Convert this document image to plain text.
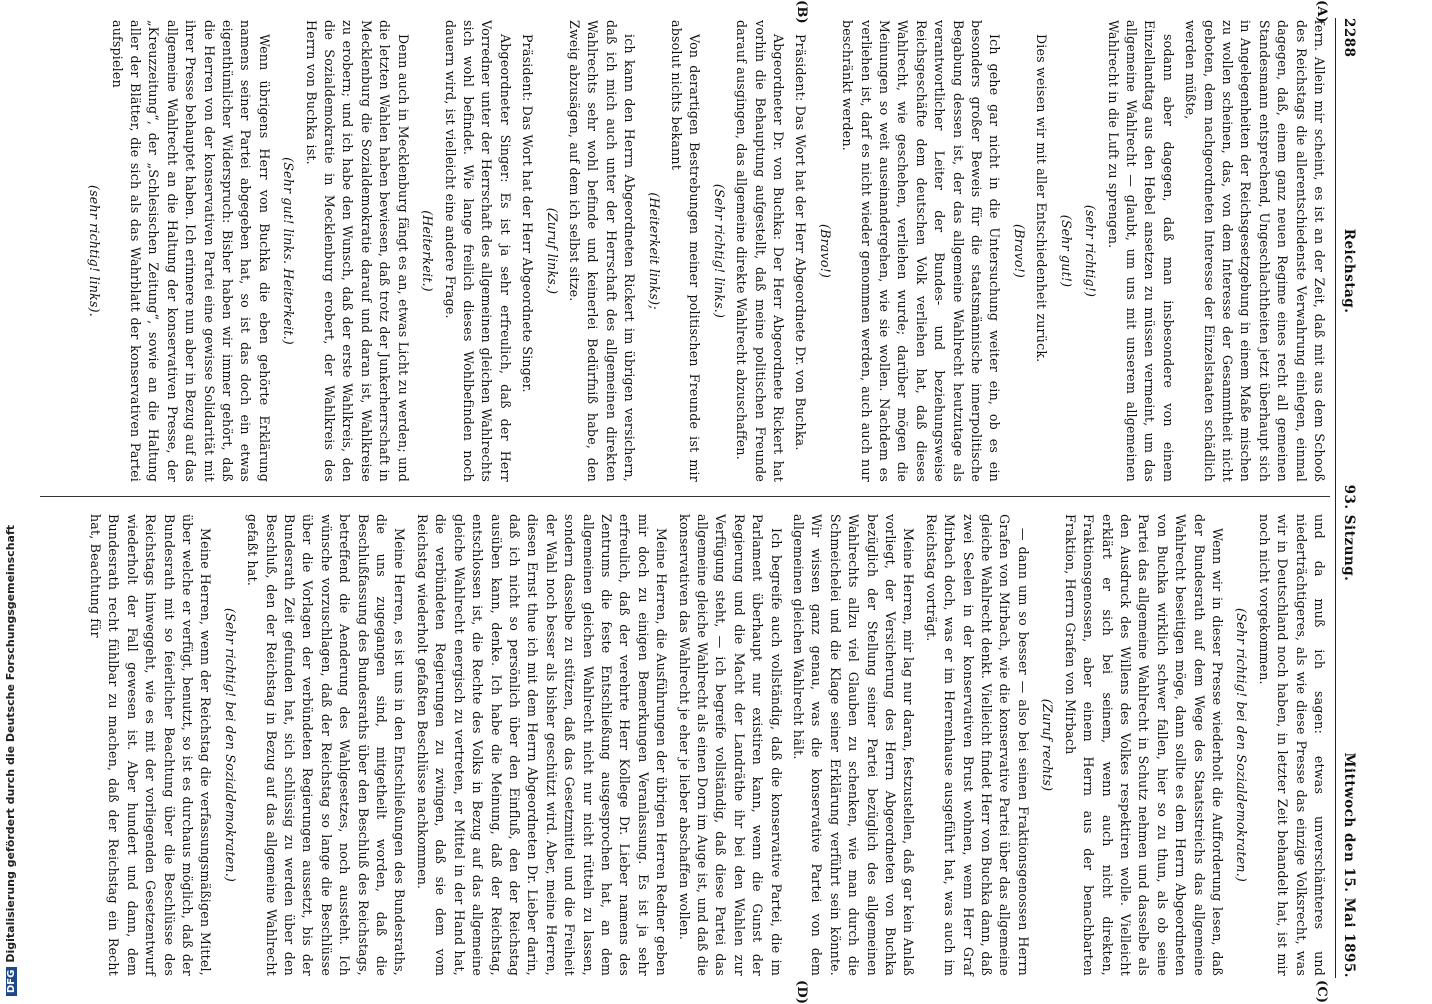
DFGDigitalisierung gefördert durch die Deutsche Forschungsgemeinschaft
2288
Reichstag.
93. Sitzung.
Mittwoch den 15. Mai 1895.
(A)
(B)
(C)
(D)

fern. Allein mir scheint, es ist an der Zeit, daß mit aus dem Schooß des Reichstags die allerentschiedenste Verwahrung einlegen, einmal dagegen, daß, einem ganz neuen Regime eines recht all gemeinen Standesmann entsprechend, Ungeschlachtheiten jetzt überhaupt sich in Angelegenheiten der Reichsgesetzgebung in einem Maße mischen zu wollen scheinen, das, von dem Interesse der Gesammtheit nicht geboten, dem nachgeordneten Interesse der Einzelstaaten schädlich werden müßte,

sodann aber dagegen, daß man insbesondere von einem Einzellandtag aus den Hebel ansetzen zu müssen vermeint, um das allgemeine Wahlrecht — glaubt, um uns mit unserem allgemeinen Wahlrecht in die Luft zu sprengen.

(sehr richtig!)

(Sehr gut!)

Dies weisen wir mit aller Entschiedenheit zurück.

(Bravo!)

Ich gehe gar nicht in die Untersuchung weiter ein, ob es ein besonders großer Beweis für die staatsmännische innerpolitische Begabung dessen ist, der das allgemeine Wahlrecht heutzutage als verantwortlicher Leiter der Bundes- und beziehungsweise Reichsgeschäfte dem deutschen Volk verliehen hat, daß dieses Wahlrecht, wie geschehen, verliehen wurde; darüber mögen die Meinungen so weit auseinandergehen, wie sie wollen. Nachdem es verliehen ist, darf es nicht wieder genommen werden, auch auch nur beschränkt werden.

(Bravo!)

Präsident: Das Wort hat der Herr Abgeordnete Dr. von Buchka.

Abgeordneter Dr. von Buchka: Der Herr Abgeordnete Rickert hat vorhin die Behauptung aufgestellt, daß meine politischen Freunde darauf ausgingen, das allgemeine direkte Wahlrecht abzuschaffen.

(Sehr richtig! links.)

Von derartigen Bestrebungen meiner politischen Freunde ist mir absolut nichts bekannt

(Heiterkeit links);

ich kann den Herrn Abgeordneten Rickert im übrigen versichern, daß ich mich auch unter der Herrschaft des allgemeinen direkten Wahlrechts sehr wohl befinde und keinerlei Bedürfniß habe, den Zweig abzusägen, auf dem ich selbst sitze.

(Zuruf links.)

Präsident: Das Wort hat der Herr Abgeordnete Singer.

Abgeordneter Singer: Es ist ja sehr erfreulich, daß der Herr Vorredner unter der Herrschaft des allgemeinen gleichen Wahlrechts sich wohl befindet. Wie lange freilich dieses Wohlbefinden noch dauern wird, ist vielleicht eine andere Frage.

(Heiterkeit.)

Denn auch in Mecklenburg fängt es an, etwas Licht zu werden; und die letzten Wahlen haben bewiesen, daß trotz der Junkerherrschaft in Mecklenburg die Sozialdemokratie darauf und daran ist, Wahlkreise zu erobern; und ich habe den Wunsch, daß der erste Wahlkreis, den die Sozialdemokratie in Mecklenburg erobert, der Wahlkreis des Herrn von Buchka ist.

(Sehr gut! links. Heiterkeit.)

Wenn übrigens Herr von Buchka die eben gehörte Erklärung namens seiner Partei abgegeben hat, so ist das doch ein etwas eigenthümlicher Widerspruch: Bisher haben wir immer gehört, daß die Herren von der konservativen Partei eine gewisse Solidarität mit ihrer Presse behauptet haben. Ich erinnere nun aber in Bezug auf das allgemeine Wahlrecht an die Haltung der konservativen Presse, der „Kreuzzeitung“, der „Schlesischen Zeitung“, sowie an die Haltung aller der Blätter, die sich als das Wahrblatt der konservativen Partei aufspielen

(sehr richtig! links).

und da muß ich sagen: etwas unverschämteres und niederträchtigeres, als wie diese Presse das einzige Volksrecht, was wir in Deutschland noch haben, in letzter Zeit behandelt hat, ist mir noch nicht vorgekommen.

(Sehr richtig! bei den Sozialdemokraten.)

Wenn wir in dieser Presse wiederholt die Aufforderung lesen, daß der Bundesrath auf dem Wege des Staatsstreichs das allgemeine Wahlrecht beseitigen möge, dann sollte es dem Herrn Abgeordneten von Buchka wirklich schwer fallen, hier so zu thun, als ob seine Partei das allgemeine Wahlrecht in Schutz nehmen und dasselbe als den Ausdruck des Willens des Volkes respektiren wolle. Vielleicht erklärt er sich bei seinem, wenn auch nicht direkten, Fraktionsgenossen, aber einem Herrn aus der benachbarten Fraktion, Herrn Grafen von Mirbach

(Zuruf rechts)

— dann um so besser — also bei seinen Fraktionsgenossen Herrn Grafen von Mirbach, wie die konservative Partei über das allgemeine gleiche Wahlrecht denkt. Vielleicht findet Herr von Buchka dann, daß zwei Seelen in der konservativen Brust wohnen, wenn Herr Graf Mirbach doch, was er im Herrenhause ausgeführt hat, was auch im Reichstag vorträgt.

Meine Herren, mir lag nur daran, festzustellen, daß gar kein Anlaß vorliegt, der Versicherung des Herrn Abgeordneten von Buchka bezüglich der Stellung seiner Partei bezüglich des allgemeinen Wahlrechts allzu viel Glauben zu schenken, wie man durch die Schmeichelei und die Klage seiner Erklärung verführt sein könnte. Wir wissen ganz genau, was die konservative Partei von dem allgemeinen gleichen Wahlrecht hält.

Ich begreife auch vollständig, daß die konservative Partei, die im Parlament überhaupt nur existiren kann, wenn die Gunst der Regierung und die Macht der Landräthe ihr bei den Wahlen zur Verfügung steht, — ich begreife vollständig, daß diese Partei das allgemeine gleiche Wahlrecht als einen Dorn im Auge ist, und daß die konservativen das Wahlrecht je eher je lieber abschaffen wollen.

Meine Herren, die Ausführungen der übrigen Herren Redner geben mir doch zu einigen Bemerkungen Veranlassung. Es ist ja sehr erfreulich, daß der verehrte Herr Kollege Dr. Lieber namens des Zentrums die feste Entschließung ausgesprochen hat, an dem allgemeinen gleichen Wahlrecht nicht nur nicht rütteln zu lassen, sondern dasselbe zu stützen, daß das Gesetzmittel und die Freiheit der Wahl noch besser als bisher geschützt wird. Aber, meine Herren, diesen Ernst thue ich mit dem Herrn Abgeordneten Dr. Lieber darin, daß ich nicht so persönlich über den Einfluß, den der Reichstag ausüben kann, denke. Ich habe die Meinung, daß der Reichstag, entschlossen ist, die Rechte des Volks in Bezug auf das allgemeine gleiche Wahlrecht energisch zu vertreten, er Mittel in der Hand hat, die verbündeten Regierungen zu zwingen, daß sie dem vom Reichstag wiederholt gefaßten Beschlüsse nachkommen.

Meine Herren, es ist uns in den Entschließungen des Bundesraths, die uns zugegangen sind, mitgetheilt worden, daß die Beschlußfassung des Bundesraths über den Beschluß des Reichstags, betreffend die Aenderung des Wahlgesetzes, noch aussteht. Ich wünsche vorzuschlagen, daß der Reichstag so lange die Beschlüsse über die Vorlagen der verbündeten Regierungen aussetzt, bis der Bundesrath Zeit gefunden hat, sich schlüssig zu werden über den Beschluß, den der Reichstag in Bezug auf das allgemeine Wahlrecht gefaßt hat.

(Sehr richtig! bei den Sozialdemokraten.)

Meine Herren, wenn der Reichstag die verfassungsmäßigen Mittel, über welche er verfügt, benutzt, so ist es durchaus möglich, daß der Bundesrath mit so feierlicher Beachtung über die Beschlüsse des Reichstags hinweggeht, wie es mit der vorliegenden Gesetzentwurf wiederholt der Fall gewesen ist. Aber hundert und dann, dem Bundesrath recht fühlbar zu machen, daß der Reichstag ein Recht hat, Beachtung für
